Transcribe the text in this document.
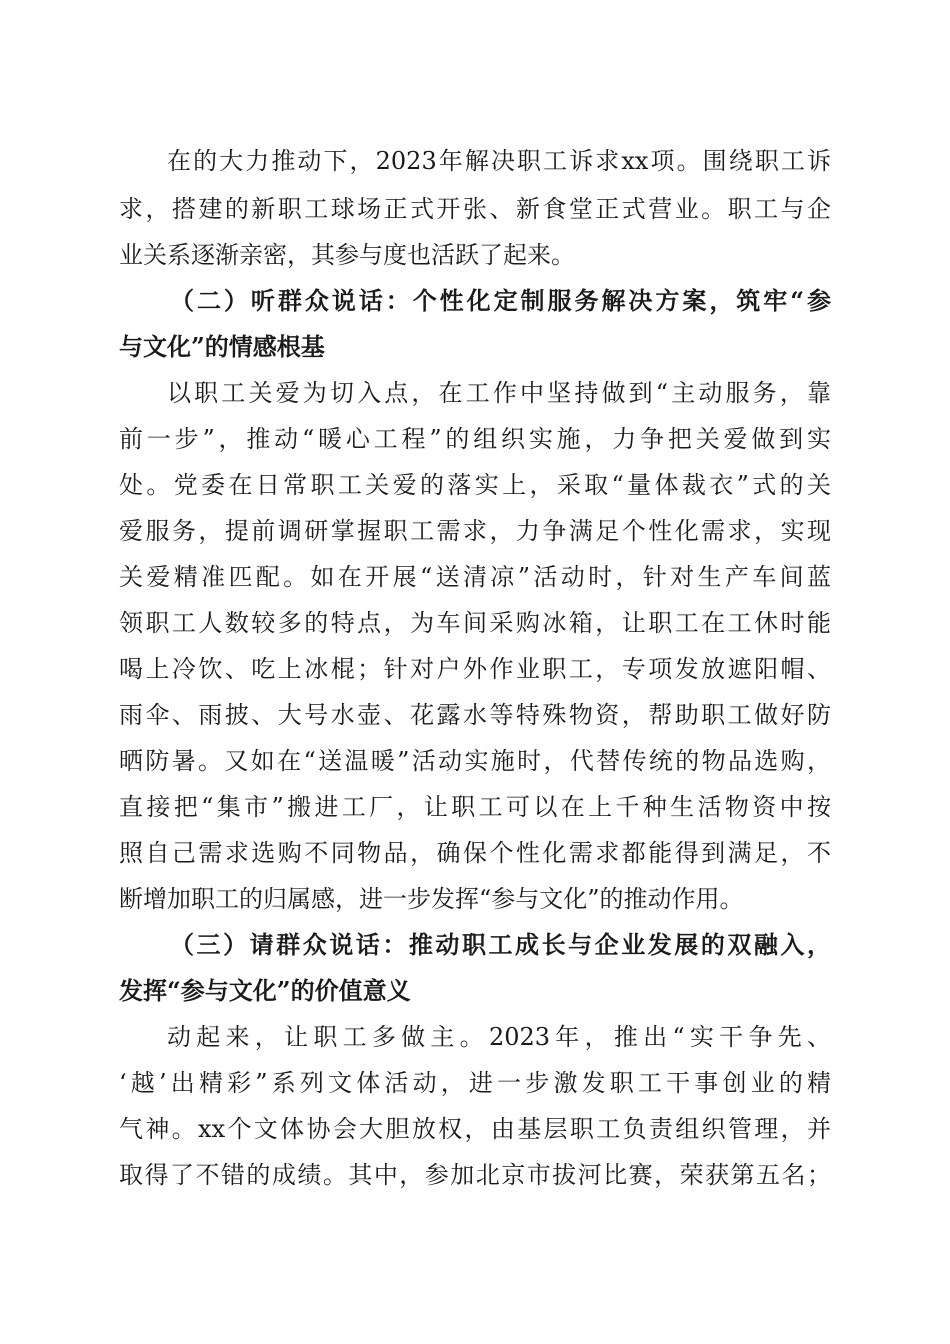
在的大力推动下，2023年解决职工诉求xx项。围绕职工诉
求，搭建的新职工球场正式开张、新食堂正式营业。职工与企
业关系逐渐亲密，其参与度也活跃了起来。
（二）听群众说话：个性化定制服务解决方案，筑牢“参
与文化”的情感根基
以职工关爱为切入点，在工作中坚持做到“主动服务，靠
前一步”，推动“暖心工程”的组织实施，力争把关爱做到实
处。党委在日常职工关爱的落实上，采取“量体裁衣”式的关
爱服务，提前调研掌握职工需求，力争满足个性化需求，实现
关爱精准匹配。如在开展“送清凉”活动时，针对生产车间蓝
领职工人数较多的特点，为车间采购冰箱，让职工在工休时能
喝上冷饮、吃上冰棍；针对户外作业职工，专项发放遮阳帽、
雨伞、雨披、大号水壶、花露水等特殊物资，帮助职工做好防
晒防暑。又如在“送温暖”活动实施时，代替传统的物品选购，
直接把“集市”搬进工厂，让职工可以在上千种生活物资中按
照自己需求选购不同物品，确保个性化需求都能得到满足，不
断增加职工的归属感，进一步发挥“参与文化”的推动作用。
（三）请群众说话：推动职工成长与企业发展的双融入，
发挥“参与文化”的价值意义
动起来，让职工多做主。2023年，推出“实干争先、
‘越’出精彩”系列文体活动，进一步激发职工干事创业的精
气神。xx个文体协会大胆放权，由基层职工负责组织管理，并
取得了不错的成绩。其中，参加北京市拔河比赛，荣获第五名；
